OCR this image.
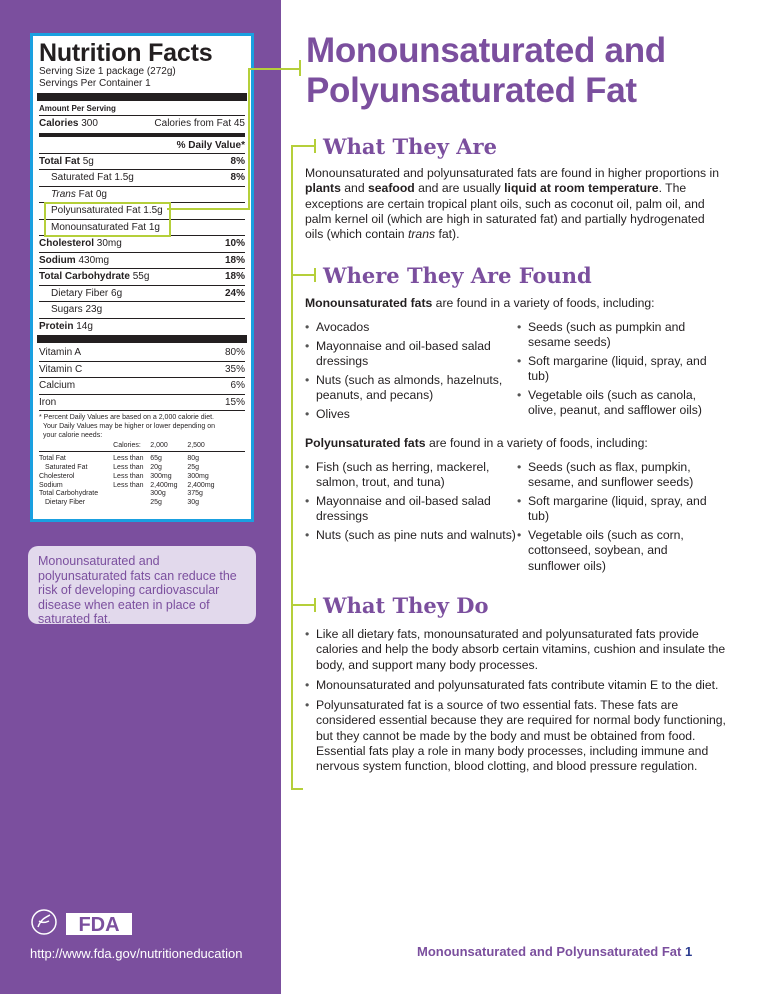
Nutrition Facts
Serving Size 1 package (272g)
Servings Per Container 1
Amount Per Serving
Calories 300	Calories from Fat 45
% Daily Value*
Total Fat 5g	8%
Saturated Fat 1.5g	8%
Trans Fat 0g
Polyunsaturated Fat 1.5g
Monounsaturated Fat 1g
Cholesterol 30mg	10%
Sodium 430mg	18%
Total Carbohydrate 55g	18%
Dietary Fiber 6g	24%
Sugars 23g
Protein 14g
Vitamin A	80%
Vitamin C	35%
Calcium	6%
Iron	15%
* Percent Daily Values are based on a 2,000 calorie diet.
Your Daily Values may be higher or lower depending on
your calorie needs:
	Calories:	2,000	2,500
Total Fat	Less than	65g	80g
Saturated Fat	Less than	20g	25g
Cholesterol	Less than	300mg	300mg
Sodium	Less than	2,400mg	2,400mg
Total Carbohydrate		300g	375g
Dietary Fiber		25g	30g
Monounsaturated and polyunsaturated fats can reduce the risk of developing cardiovascular disease when eaten in place of saturated fat.
FDA
http://www.fda.gov/nutritioneducation
Monounsaturated and
Polyunsaturated Fat
What They Are
Monounsaturated and polyunsaturated fats are found in higher proportions in plants and seafood and are usually liquid at room temperature. The exceptions are certain tropical plant oils, such as coconut oil, palm oil, and palm kernel oil (which are high in saturated fat) and partially hydrogenated oils (which contain trans fat).
Where They Are Found
Monounsaturated fats are found in a variety of foods, including:
• Avocados
• Mayonnaise and oil-based salad dressings
• Nuts (such as almonds, hazelnuts, peanuts, and pecans)
• Olives
• Seeds (such as pumpkin and sesame seeds)
• Soft margarine (liquid, spray, and tub)
• Vegetable oils (such as canola, olive, peanut, and safflower oils)
Polyunsaturated fats are found in a variety of foods, including:
• Fish (such as herring, mackerel, salmon, trout, and tuna)
• Mayonnaise and oil-based salad dressings
• Nuts (such as pine nuts and walnuts)
• Seeds (such as flax, pumpkin, sesame, and sunflower seeds)
• Soft margarine (liquid, spray, and tub)
• Vegetable oils (such as corn, cottonseed, soybean, and sunflower oils)
What They Do
• Like all dietary fats, monounsaturated and polyunsaturated fats provide calories and help the body absorb certain vitamins, cushion and insulate the body, and support many body processes.
• Monounsaturated and polyunsaturated fats contribute vitamin E to the diet.
• Polyunsaturated fat is a source of two essential fats. These fats are considered essential because they are required for normal body functioning, but they cannot be made by the body and must be obtained from food. Essential fats play a role in many body processes, including immune and nervous system function, blood clotting, and blood pressure regulation.
Monounsaturated and Polyunsaturated Fat 1
